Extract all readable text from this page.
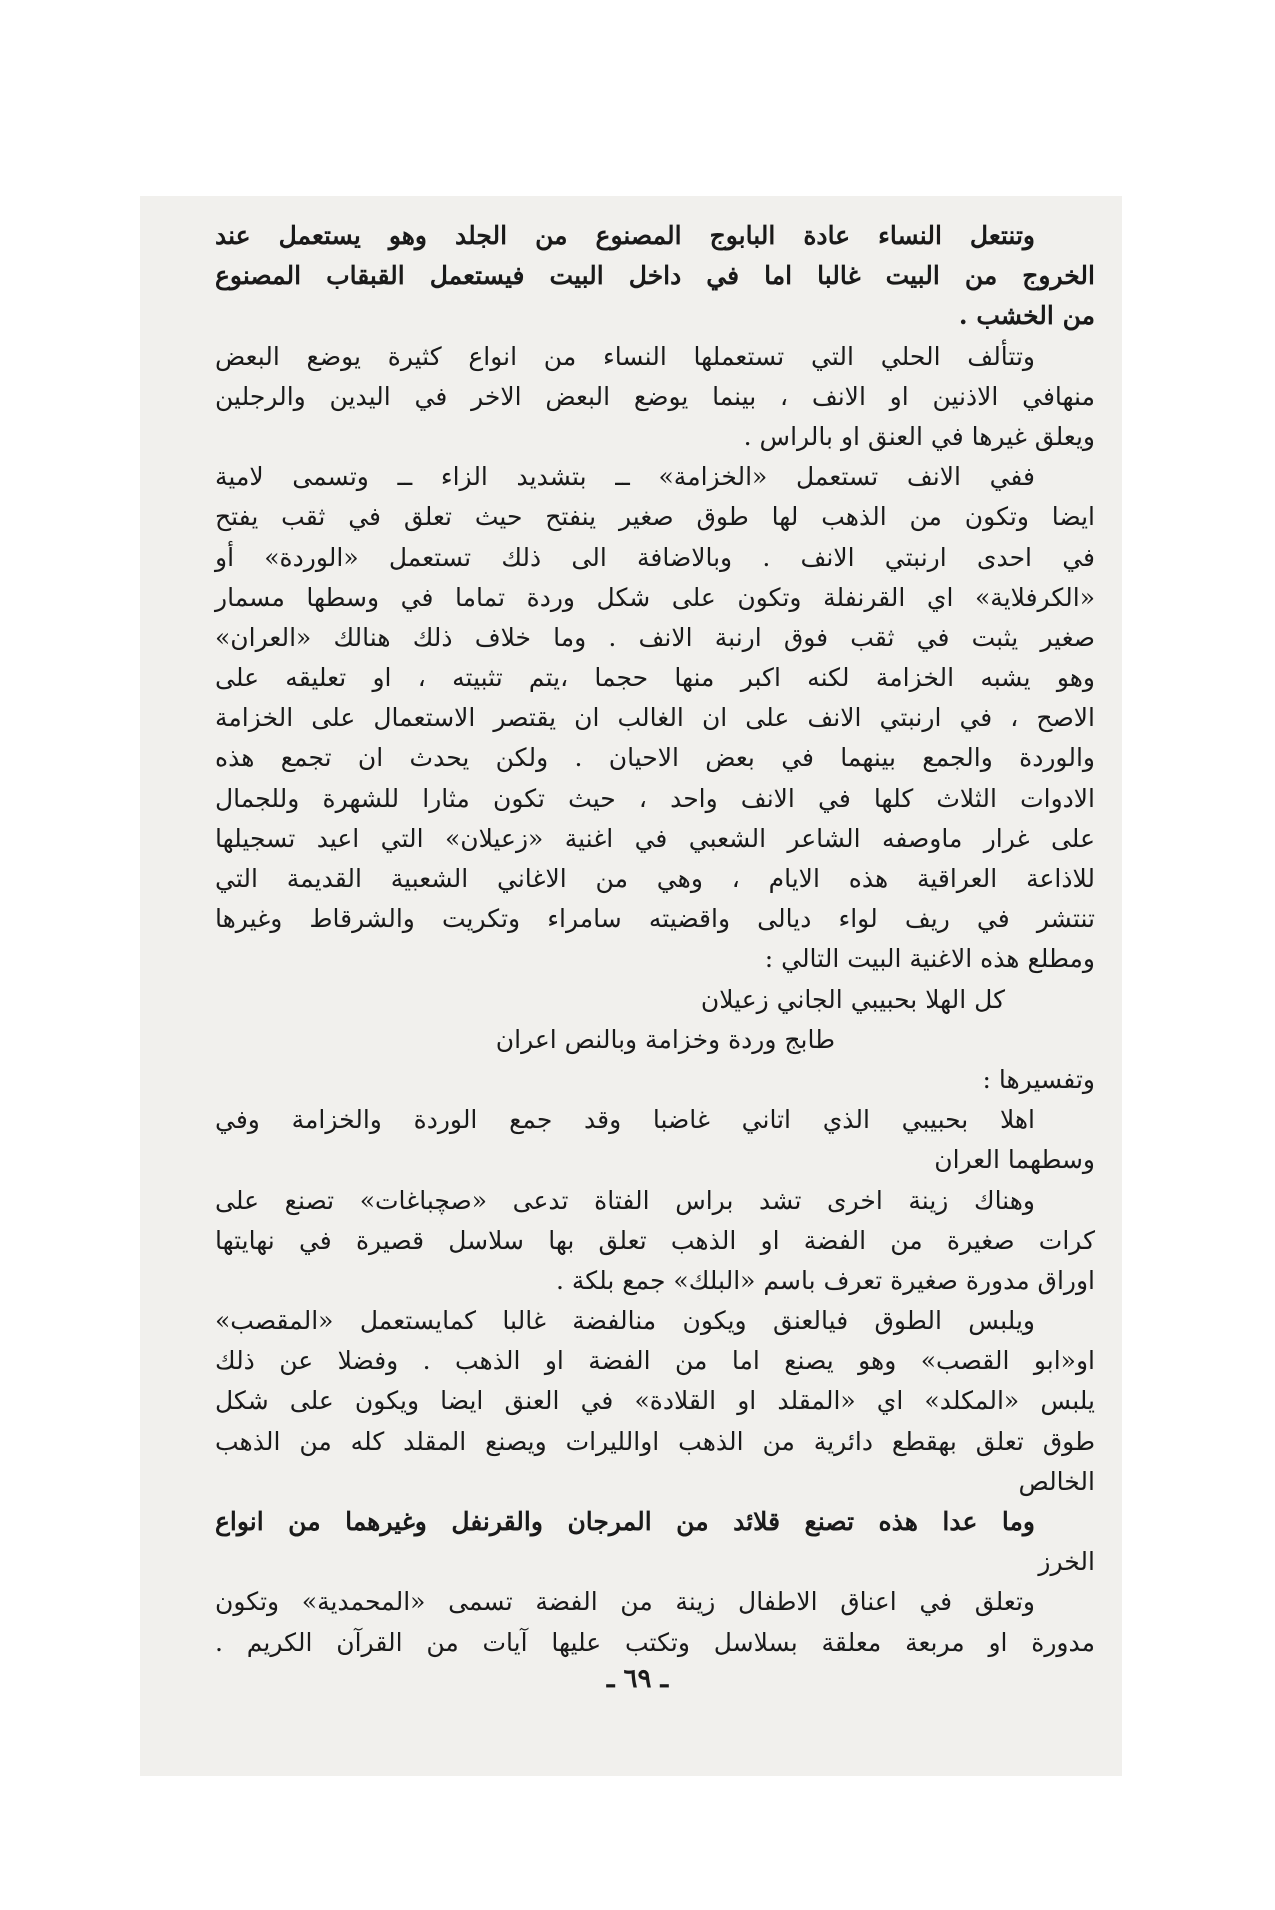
وتنتعل النساء عادة البابوج المصنوع من الجلد وهو يستعمل عند
الخروج من البيت غالبا اما في داخل البيت فيستعمل القبقاب المصنوع
من الخشب .
وتتألف الحلي التي تستعملها النساء من انواع كثيرة يوضع البعض
منهافي الاذنين او الانف ، بينما يوضع البعض الاخر في اليدين والرجلين
ويعلق غيرها في العنق او بالراس .
ففي الانف تستعمل «الخزامة» ــ بتشديد الزاء ــ وتسمى لامية
ايضا وتكون من الذهب لها طوق صغير ينفتح حيث تعلق في ثقب يفتح
في احدى ارنبتي الانف . وبالاضافة الى ذلك تستعمل «الوردة» أو
«الكرفلاية» اي القرنفلة وتكون على شكل وردة تماما في وسطها مسمار
صغير يثبت في ثقب فوق ارنبة الانف . وما خلاف ذلك هنالك «العران»
وهو يشبه الخزامة لكنه اكبر منها حجما ،يتم تثبيته ، او تعليقه على
الاصح ، في ارنبتي الانف على ان الغالب ان يقتصر الاستعمال على الخزامة
والوردة والجمع بينهما في بعض الاحيان . ولكن يحدث ان تجمع هذه
الادوات الثلاث كلها في الانف واحد ، حيث تكون مثارا للشهرة وللجمال
على غرار ماوصفه الشاعر الشعبي في اغنية «زعيلان» التي اعيد تسجيلها
للاذاعة العراقية هذه الايام ، وهي من الاغاني الشعبية القديمة التي
تنتشر في ريف لواء ديالى واقضيته سامراء وتكريت والشرقاط وغيرها
ومطلع هذه الاغنية البيت التالي :
كل الهلا بحبيبي الجاني زعيلان
طابج وردة وخزامة وبالنص اعران
وتفسيرها :
اهلا بحبيبي الذي اتاني غاضبا وقد جمع الوردة والخزامة وفي
وسطهما العران
وهناك زينة اخرى تشد براس الفتاة تدعى «صچباغات» تصنع على
كرات صغيرة من الفضة او الذهب تعلق بها سلاسل قصيرة في نهايتها
اوراق مدورة صغيرة تعرف باسم «البلك» جمع بلكة .
ويلبس الطوق فيالعنق ويكون منالفضة غالبا كمايستعمل «المقصب»
او«ابو القصب» وهو يصنع اما من الفضة او الذهب . وفضلا عن ذلك
يلبس «المكلد» اي «المقلد او القلادة» في العنق ايضا ويكون على شكل
طوق تعلق بهقطع دائرية من الذهب اوالليرات ويصنع المقلد كله من الذهب
الخالص
وما عدا هذه تصنع قلائد من المرجان والقرنفل وغيرهما من انواع
الخرز
وتعلق في اعناق الاطفال زينة من الفضة تسمى «المحمدية» وتكون
مدورة او مربعة معلقة بسلاسل وتكتب عليها آيات من القرآن الكريم .
ـ ٦٩ ـ
